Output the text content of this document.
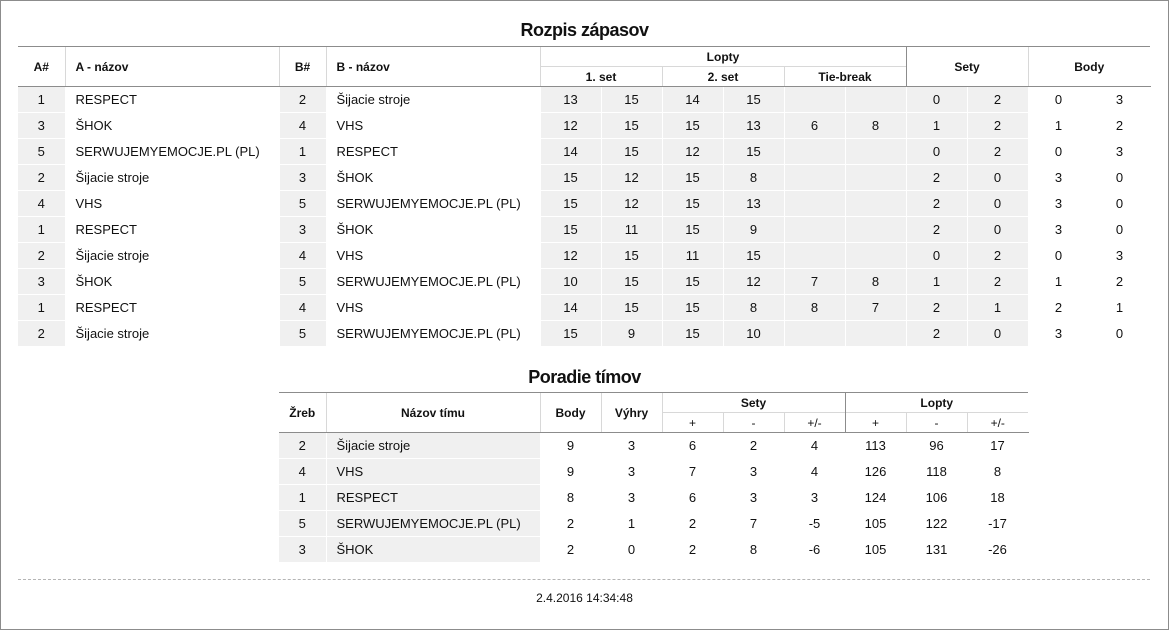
Rozpis zápasov
A#	A - názov	B#	B - názov	Lopty						Sety		Body	
				1. set		2. set		Tie-break					
1	RESPECT	2	Šijacie stroje	13	15	14	15			0	2	0	3
3	ŠHOK	4	VHS	12	15	15	13	6	8	1	2	1	2
5	SERWUJEMYEMOCJE.PL (PL)	1	RESPECT	14	15	12	15			0	2	0	3
2	Šijacie stroje	3	ŠHOK	15	12	15	8			2	0	3	0
4	VHS	5	SERWUJEMYEMOCJE.PL (PL)	15	12	15	13			2	0	3	0
1	RESPECT	3	ŠHOK	15	11	15	9			2	0	3	0
2	Šijacie stroje	4	VHS	12	15	11	15			0	2	0	3
3	ŠHOK	5	SERWUJEMYEMOCJE.PL (PL)	10	15	15	12	7	8	1	2	1	2
1	RESPECT	4	VHS	14	15	15	8	8	7	2	1	2	1
2	Šijacie stroje	5	SERWUJEMYEMOCJE.PL (PL)	15	9	15	10			2	0	3	0
Poradie tímov
Žreb	Názov tímu	Body	Výhry	Sety			Lopty		
				+	-	+/-	+	-	+/-
2	Šijacie stroje	9	3	6	2	4	113	96	17
4	VHS	9	3	7	3	4	126	118	8
1	RESPECT	8	3	6	3	3	124	106	18
5	SERWUJEMYEMOCJE.PL (PL)	2	1	2	7	-5	105	122	-17
3	ŠHOK	2	0	2	8	-6	105	131	-26
2.4.2016 14:34:48
